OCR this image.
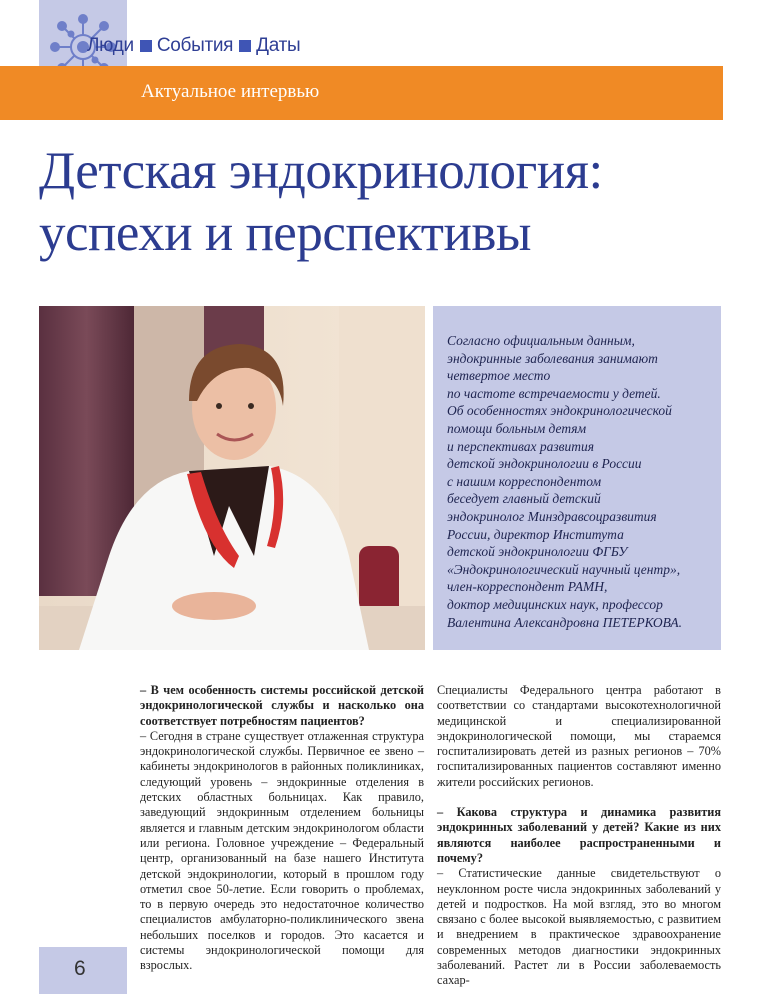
Люди События Даты
Актуальное интервью
Детская эндокринология:
успехи и перспективы

Согласно официальным данным,
эндокринные заболевания занимают
четвертое место
по частоте встречаемости у детей.
Об особенностях эндокринологической
помощи больным детям
и перспективах развития
детской эндокринологии в России
с нашим корреспондентом
беседует главный детский
эндокринолог Минздравсоцразвития
России, директор Института
детской эндокринологии ФГБУ
«Эндокринологический научный центр»,
член-корреспондент РАМН,
доктор медицинских наук, профессор
Валентина Александровна ПЕТЕРКОВА.

– В чем особенность системы российской детской эндокринологической службы и насколько она соответствует потребностям пациентов?

– Сегодня в стране существует отлаженная структура эндокринологической службы. Первичное ее звено – кабинеты эндокринологов в районных поликлиниках, следующий уровень – эндокринные отделения в детских областных больницах. Как правило, заведующий эндокринным отделением больницы является и главным детским эндокринологом области или региона. Головное учреждение – Федеральный центр, организованный на базе нашего Института детской эндокринологии, который в прошлом году отметил свое 50-летие. Если говорить о проблемах, то в первую очередь это недостаточное количество специалистов амбулаторно-поликлинического звена небольших поселков и городов. Это касается и системы эндокринологической помощи для взрослых.

Специалисты Федерального центра работают в соответствии со стандартами высокотехнологичной медицинской и специализированной эндокринологической помощи, мы стараемся госпитализировать детей из разных регионов – 70% госпитализированных пациентов составляют именно жители российских регионов.

– Какова структура и динамика развития эндокринных заболеваний у детей? Какие из них являются наиболее распространенными и почему?

– Статистические данные свидетельствуют о неуклонном росте числа эндокринных заболеваний у детей и подростков. На мой взгляд, это во многом связано с более высокой выявляемостью, с развитием и внедрением в практическое здравоохранение современных методов диагностики эндокринных заболеваний. Растет ли в России заболеваемость сахар-

6
